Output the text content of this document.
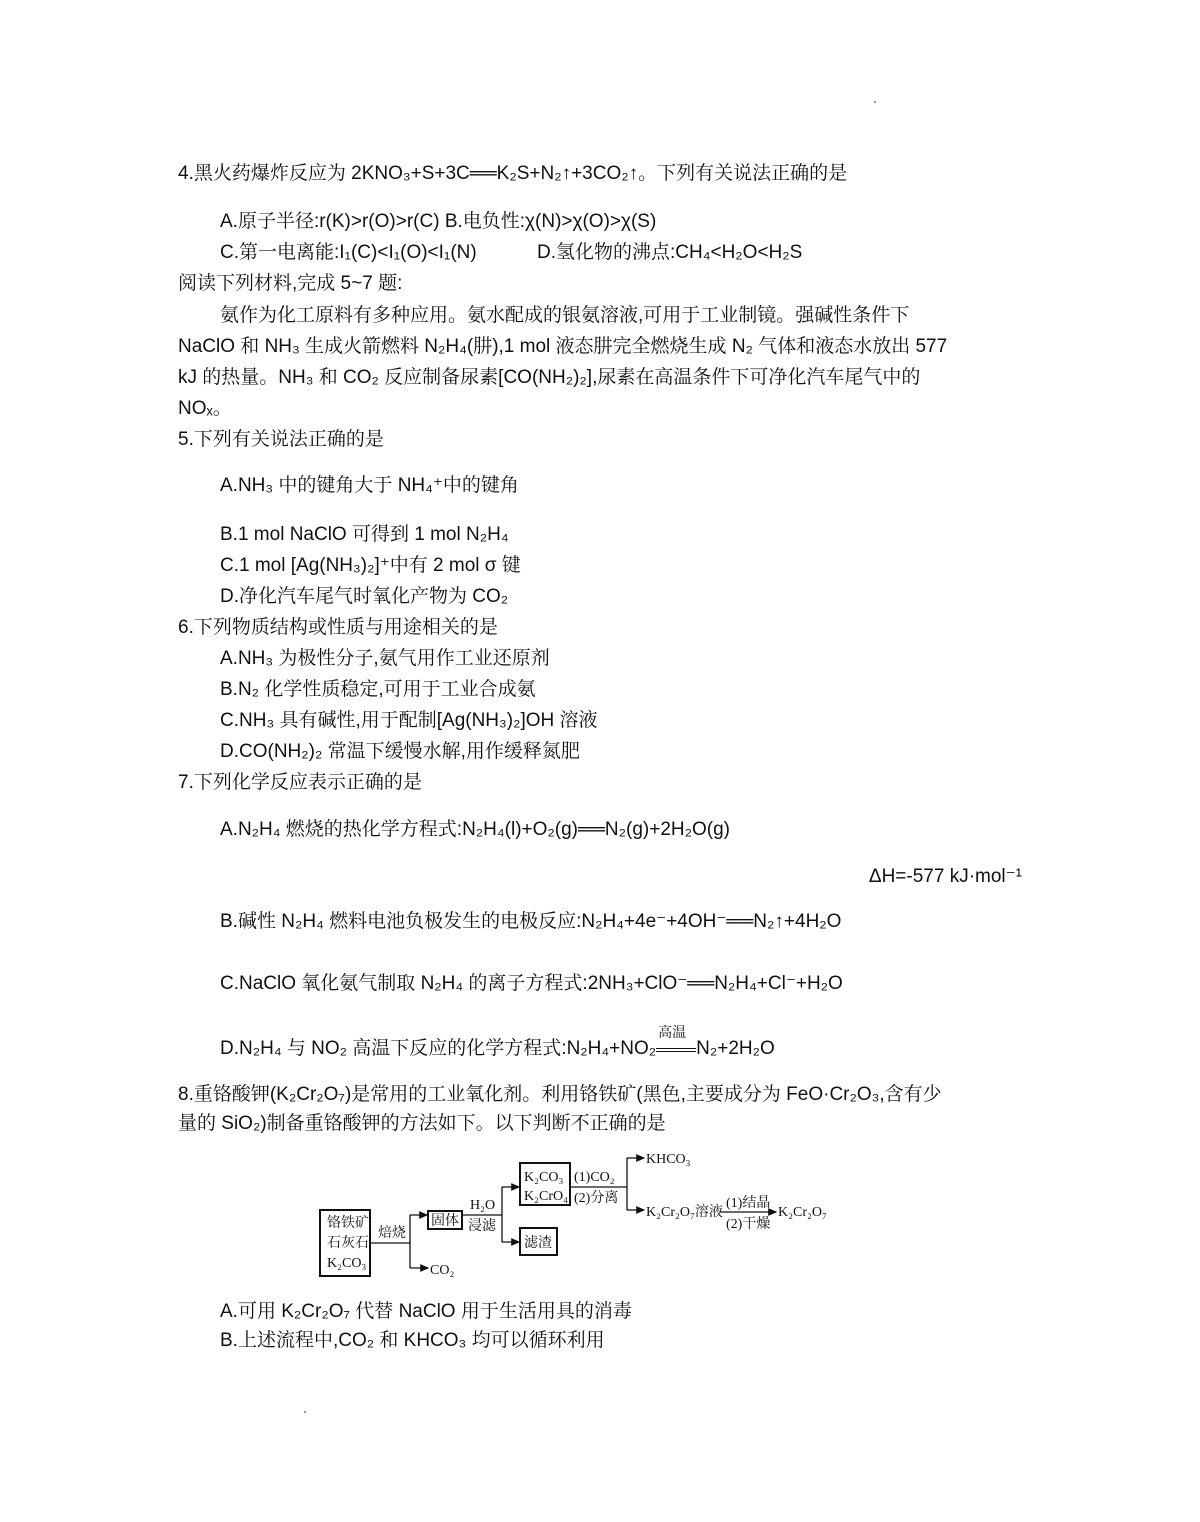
4.黑火药爆炸反应为 2KNO₃+S+3C══K₂S+N₂↑+3CO₂↑。下列有关说法正确的是
A.原子半径:r(K)>r(O)>r(C) B.电负性:χ(N)>χ(O)>χ(S)
C.第一电离能:I₁(C)<I₁(O)<I₁(N)	D.氢化物的沸点:CH₄<H₂O<H₂S
阅读下列材料,完成 5~7 题:
氨作为化工原料有多种应用。氨水配成的银氨溶液,可用于工业制镜。强碱性条件下
NaClO 和 NH₃ 生成火箭燃料 N₂H₄(肼),1 mol 液态肼完全燃烧生成 N₂ 气体和液态水放出 577
kJ 的热量。NH₃ 和 CO₂ 反应制备尿素[CO(NH₂)₂],尿素在高温条件下可净化汽车尾气中的
NOₓ。
5.下列有关说法正确的是
A.NH₃ 中的键角大于 NH₄⁺中的键角
B.1 mol NaClO 可得到 1 mol N₂H₄
C.1 mol [Ag(NH₃)₂]⁺中有 2 mol σ 键
D.净化汽车尾气时氧化产物为 CO₂
6.下列物质结构或性质与用途相关的是
A.NH₃ 为极性分子,氨气用作工业还原剂
B.N₂ 化学性质稳定,可用于工业合成氨
C.NH₃ 具有碱性,用于配制[Ag(NH₃)₂]OH 溶液
D.CO(NH₂)₂ 常温下缓慢水解,用作缓释氮肥
7.下列化学反应表示正确的是
A.N₂H₄ 燃烧的热化学方程式:N₂H₄(l)+O₂(g)══N₂(g)+2H₂O(g)
ΔH=-577 kJ·mol⁻¹
B.碱性 N₂H₄ 燃料电池负极发生的电极反应:N₂H₄+4e⁻+4OH⁻══N₂↑+4H₂O
C.NaClO 氧化氨气制取 N₂H₄ 的离子方程式:2NH₃+ClO⁻══N₂H₄+Cl⁻+H₂O
D.N₂H₄ 与 NO₂ 高温下反应的化学方程式:N₂H₄+NO₂
高温
N₂+2H₂O
8.重铬酸钾(K₂Cr₂O₇)是常用的工业氧化剂。利用铬铁矿(黑色,主要成分为 FeO·Cr₂O₃,含有少
量的 SiO₂)制备重铬酸钾的方法如下。以下判断不正确的是
铬铁矿
石灰石
K₂CO₃
焙烧
CO₂
固体
H₂O
浸滤
K₂CO₃
K₂CrO₄
滤渣
(1)CO₂
(2)分离
KHCO₃
K₂Cr₂O₇溶液
(1)结晶
(2)干燥
K₂Cr₂O₇
A.可用 K₂Cr₂O₇ 代替 NaClO 用于生活用具的消毒
B.上述流程中,CO₂ 和 KHCO₃ 均可以循环利用
